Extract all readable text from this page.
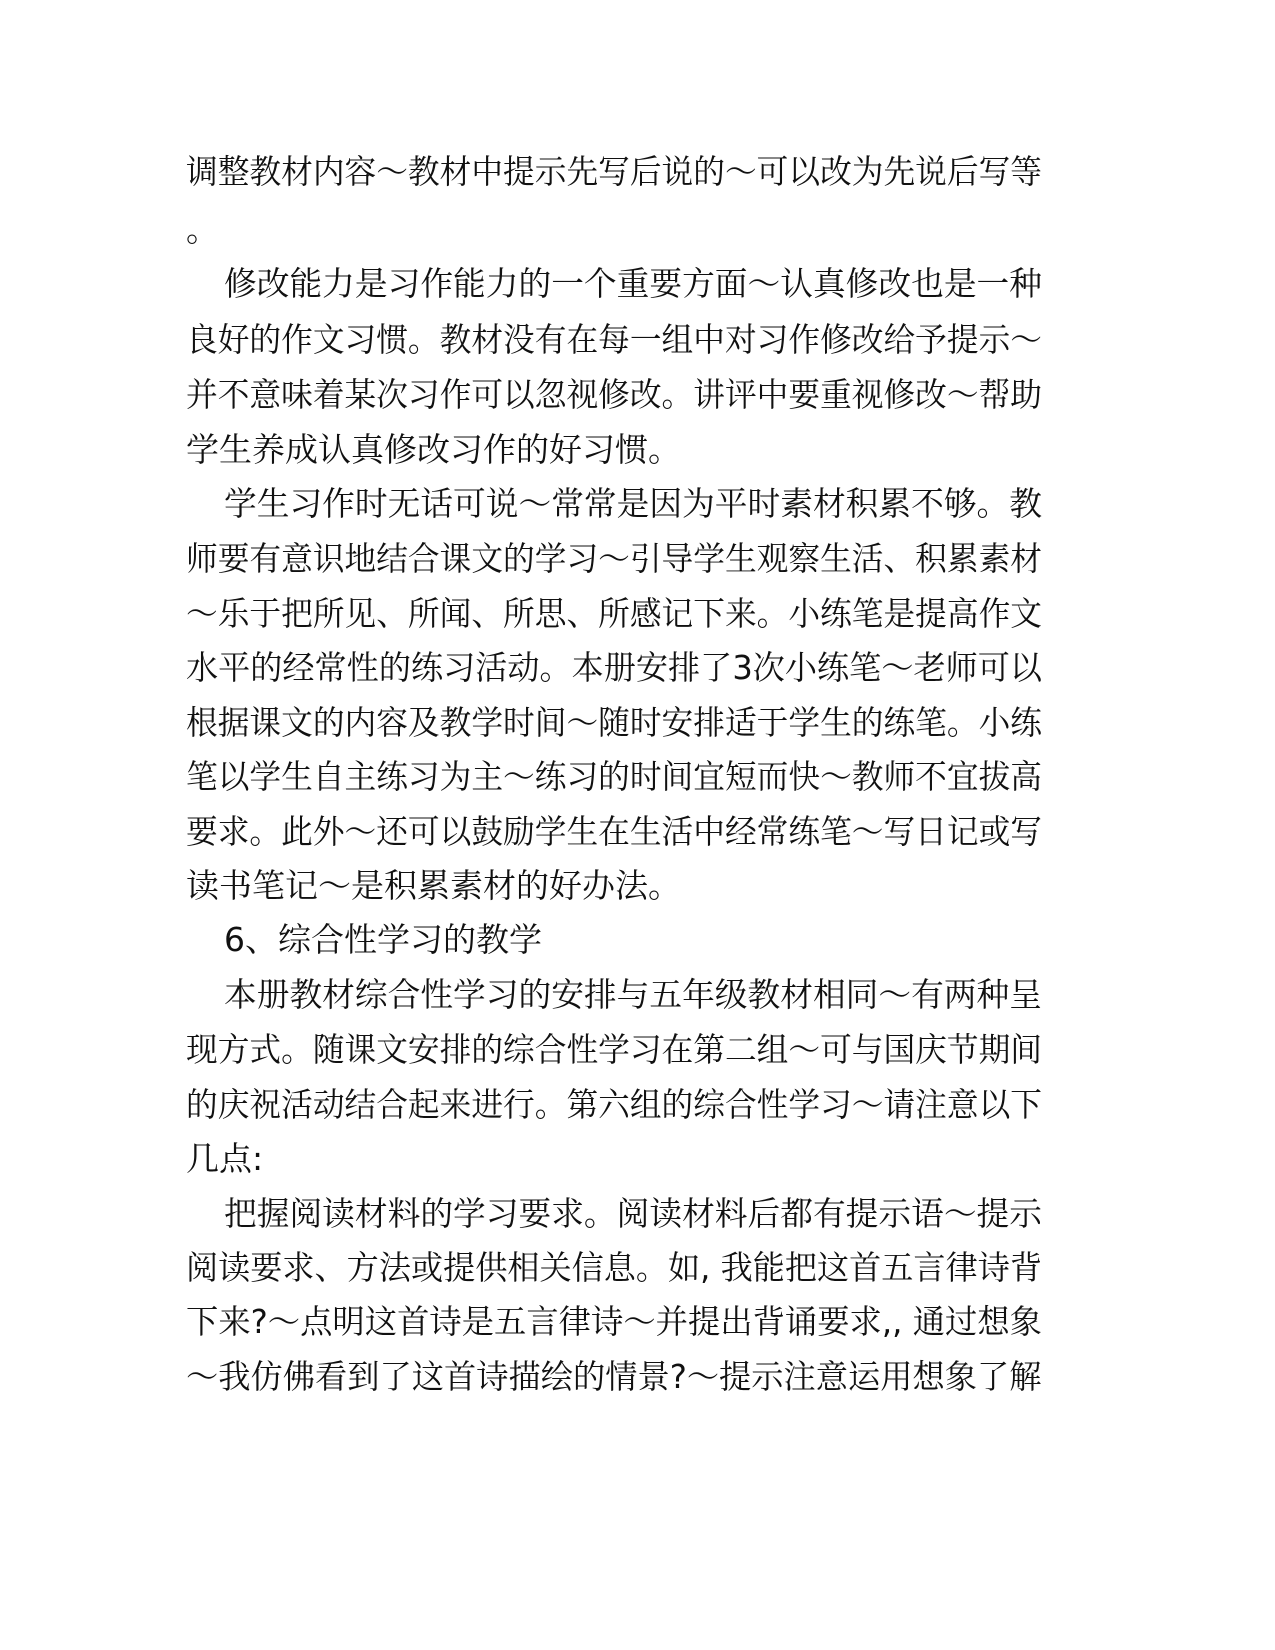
调整教材内容～教材中提示先写后说的～可以改为先说后写等
。
修改能力是习作能力的一个重要方面～认真修改也是一种
良好的作文习惯。教材没有在每一组中对习作修改给予提示～
并不意味着某次习作可以忽视修改。讲评中要重视修改～帮助
学生养成认真修改习作的好习惯。
学生习作时无话可说～常常是因为平时素材积累不够。教
师要有意识地结合课文的学习～引导学生观察生活、积累素材
～乐于把所见、所闻、所思、所感记下来。小练笔是提高作文
水平的经常性的练习活动。本册安排了3次小练笔～老师可以
根据课文的内容及教学时间～随时安排适于学生的练笔。小练
笔以学生自主练习为主～练习的时间宜短而快～教师不宜拔高
要求。此外～还可以鼓励学生在生活中经常练笔～写日记或写
读书笔记～是积累素材的好办法。
6、综合性学习的教学
本册教材综合性学习的安排与五年级教材相同～有两种呈
现方式。随课文安排的综合性学习在第二组～可与国庆节期间
的庆祝活动结合起来进行。第六组的综合性学习～请注意以下
几点:
把握阅读材料的学习要求。阅读材料后都有提示语～提示
阅读要求、方法或提供相关信息。如, 我能把这首五言律诗背
下来?～点明这首诗是五言律诗～并提出背诵要求,, 通过想象
～我仿佛看到了这首诗描绘的情景?～提示注意运用想象了解
